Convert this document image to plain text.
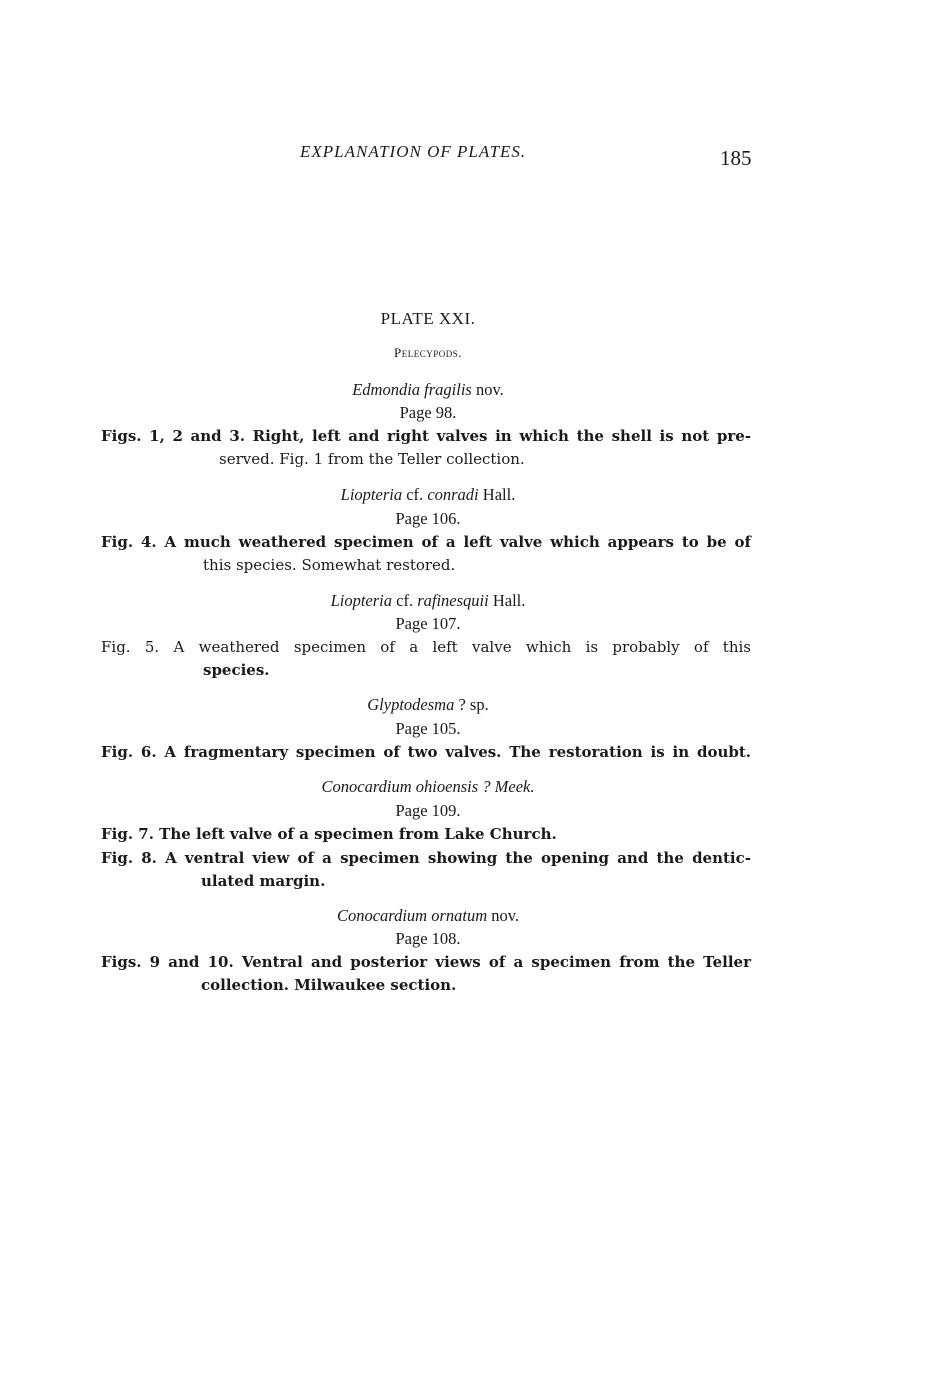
EXPLANATION OF PLATES.	185
PLATE XXI.
Pelecypods.
Edmondia fragilis nov.
Page 98.
Figs. 1, 2 and 3. Right, left and right valves in which the shell is not pre-
served. Fig. 1 from the Teller collection.
Liopteria cf. conradi Hall.
Page 106.
Fig. 4. A much weathered specimen of a left valve which appears to be of
this species. Somewhat restored.
Liopteria cf. rafinesquii Hall.
Page 107.
Fig. 5. A weathered specimen of a left valve which is probably of this
species.
Glyptodesma ? sp.
Page 105.
Fig. 6. A fragmentary specimen of two valves. The restoration is in doubt.
Conocardium ohioensis ? Meek.
Page 109.
Fig. 7. The left valve of a specimen from Lake Church.
Fig. 8. A ventral view of a specimen showing the opening and the dentic-
ulated margin.
Conocardium ornatum nov.
Page 108.
Figs. 9 and 10. Ventral and posterior views of a specimen from the Teller
collection. Milwaukee section.
